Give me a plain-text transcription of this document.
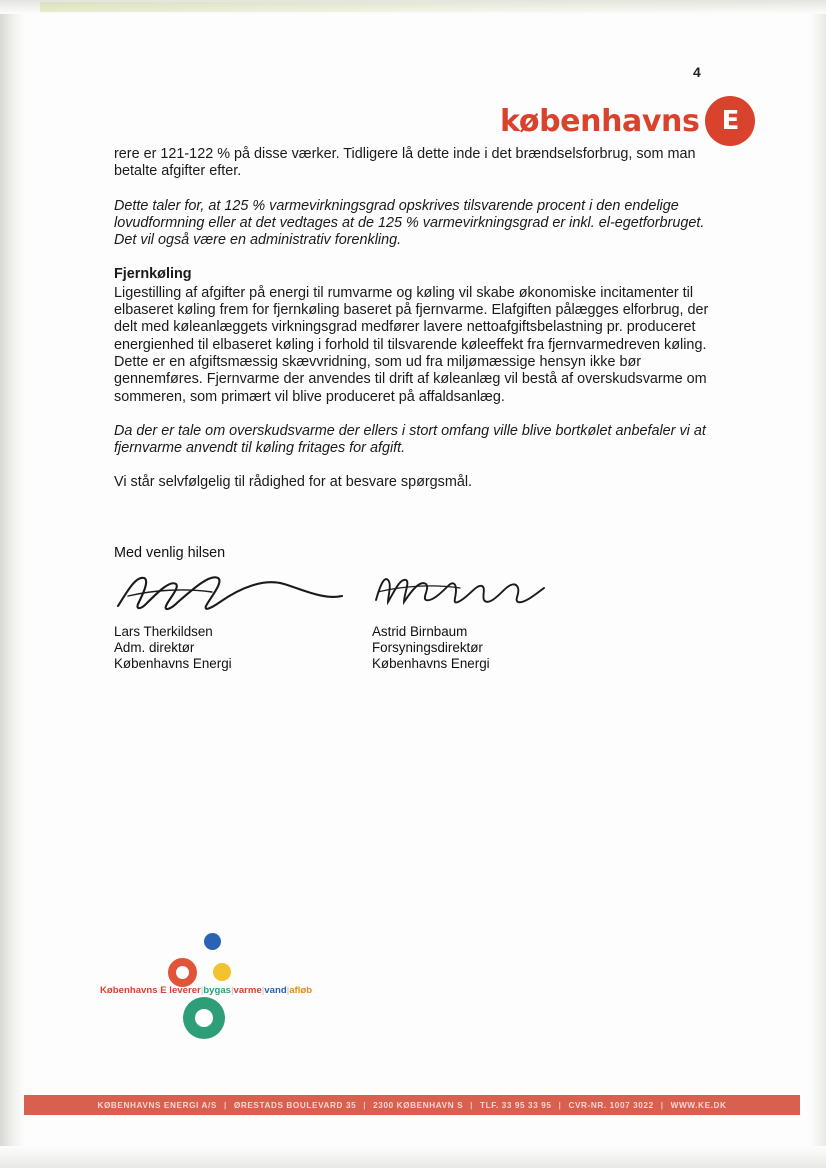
4
københavns E

rere er 121-122 % på disse værker. Tidligere lå dette inde i det brændselsforbrug, som man betalte afgifter efter.

Dette taler for, at 125 % varmevirkningsgrad opskrives tilsvarende procent i den endelige lovudformning eller at det vedtages at de 125 % varmevirkningsgrad er inkl. el-egetforbruget. Det vil også være en administrativ forenkling.

Fjernkøling

Ligestilling af afgifter på energi til rumvarme og køling vil skabe økonomiske incitamenter til elbaseret køling frem for fjernkøling baseret på fjernvarme. Elafgiften pålægges elforbrug, der delt med køleanlæggets virkningsgrad medfører lavere nettoafgiftsbelastning pr. produceret energienhed til elbaseret køling i forhold til tilsvarende køleeffekt fra fjernvarmedreven køling. Dette er en afgiftsmæssig skævvridning, som ud fra miljømæssige hensyn ikke bør gennemføres. Fjernvarme der anvendes til drift af køleanlæg vil bestå af overskudsvarme om sommeren, som primært vil blive produceret på affaldsanlæg.

Da der er tale om overskudsvarme der ellers i stort omfang ville blive bortkølet anbefaler vi at fjernvarme anvendt til køling fritages for afgift.

Vi står selvfølgelig til rådighed for at besvare spørgsmål.

Med venlig hilsen

Lars Therkildsen
Adm. direktør
Københavns Energi
Astrid Birnbaum
Forsyningsdirektør
Københavns Energi
Københavns E leverer|bygas|varme|vand|afløb
KØBENHAVNS ENERGI A/S | ØRESTADS BOULEVARD 35 | 2300 KØBENHAVN S | TLF. 33 95 33 95 | CVR-NR. 1007 3022 | WWW.KE.DK
